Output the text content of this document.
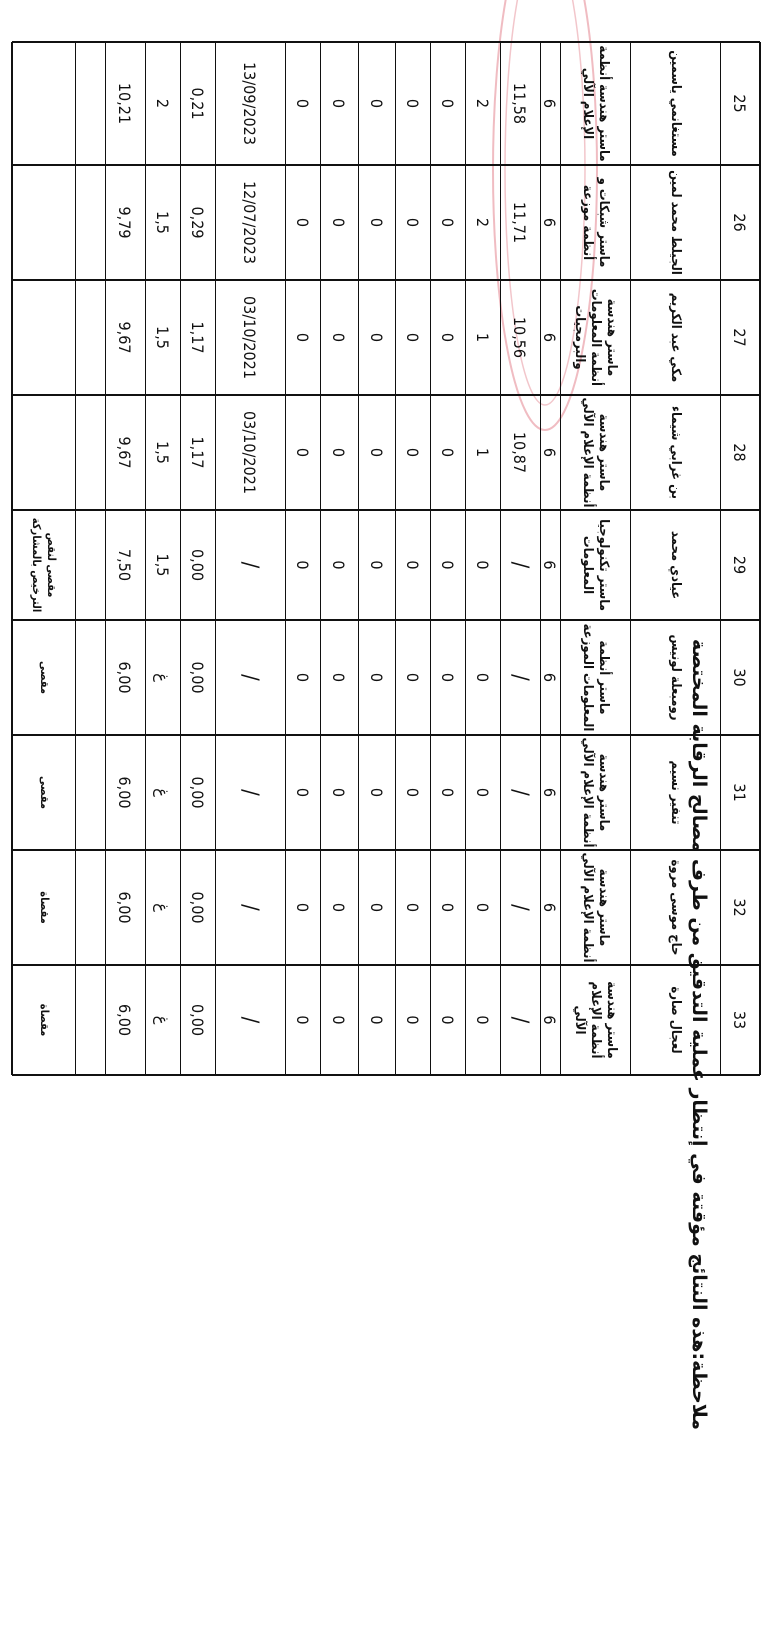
25
مستغانمي ياسمين
ماستر هندسة أنظمة الإعلام الآلي
6
11,58
2
0
0
0
0
0
13/09/2023
0,21
2
10,21
26
الجيلط محمد لمين
ماستر شبكات و أنظمة موزعة
6
11,71
2
0
0
0
0
0
12/07/2023
0,29
1,5
9,79
27
مكي عبد الكريم
ماستر هندسة أنظمة المعلومات والبرمجيات
6
10,56
1
0
0
0
0
0
03/10/2021
1,17
1,5
9,67
28
بن غرابي شيماء
ماستر هندسة أنظمة الإعلام الآلي
6
10,87
1
0
0
0
0
0
03/10/2021
1,17
1,5
9,67
29
عيادي محمد
ماستر تكنولوجيا المعلومات
6
/
0
0
0
0
0
0
/
0,00
1,5
7,50
مقصى لنقص الترخيص بالمشاركة
30
رومبعلة لونيس
ماستر أنظمة المعلومات الموزعة
6
/
0
0
0
0
0
0
/
0,00
غ
6,00
مقصى
31
تنفير نسيم
ماستر هندسة أنظمة الإعلام الآلي
6
/
0
0
0
0
0
0
/
0,00
غ
6,00
مقصى
32
حاج موسى مروة
ماستر هندسة أنظمة الإعلام الآلي
6
/
0
0
0
0
0
0
/
0,00
غ
6,00
مقصاة
33
لعجال صارة
ماستر هندسة أنظمة الإعلام الآلي
6
/
0
0
0
0
0
0
/
0,00
غ
6,00
مقصاة	ملاحظة:هذه النتائج مؤقتة في إنتظار عملية التدقيق من طرف مصالح الرقابة المختصة
